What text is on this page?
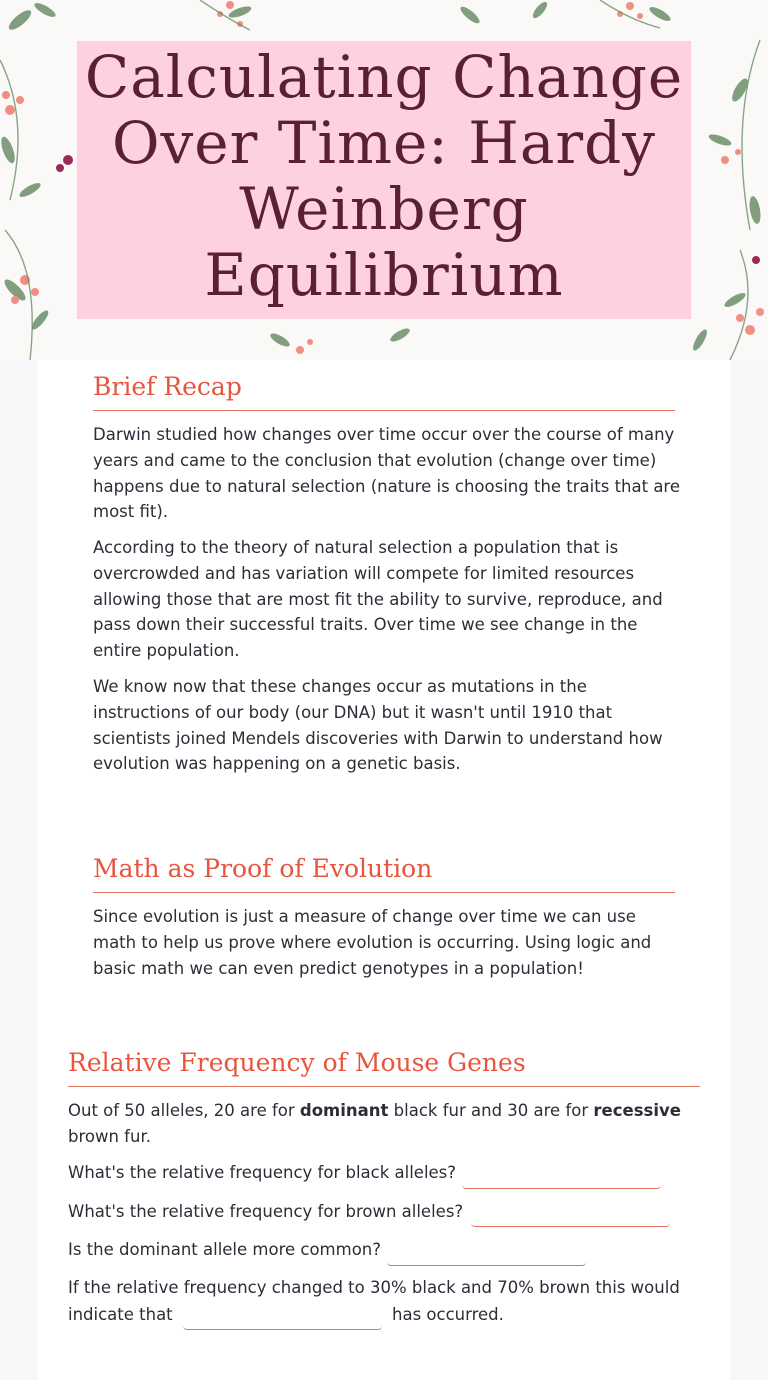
Calculating Change Over Time: Hardy Weinberg Equilibrium
Brief Recap

Darwin studied how changes over time occur over the course of many years and came to the conclusion that evolution (change over time) happens due to natural selection (nature is choosing the traits that are most fit).

According to the theory of natural selection a population that is overcrowded and has variation will compete for limited resources allowing those that are most fit the ability to survive, reproduce, and pass down their successful traits. Over time we see change in the entire population.

We know now that these changes occur as mutations in the instructions of our body (our DNA) but it wasn't until 1910 that scientists joined Mendels discoveries with Darwin to understand how evolution was happening on a genetic basis.

Math as Proof of Evolution

Since evolution is just a measure of change over time we can use math to help us prove where evolution is occurring. Using logic and basic math we can even predict genotypes in a population!

Relative Frequency of Mouse Genes

Out of 50 alleles, 20 are for dominant black fur and 30 are for recessive brown fur.

What's the relative frequency for black alleles?
What's the relative frequency for brown alleles?
Is the dominant allele more common?
If the relative frequency changed to 30% black and 70% brown this would
indicate that	has occurred.
